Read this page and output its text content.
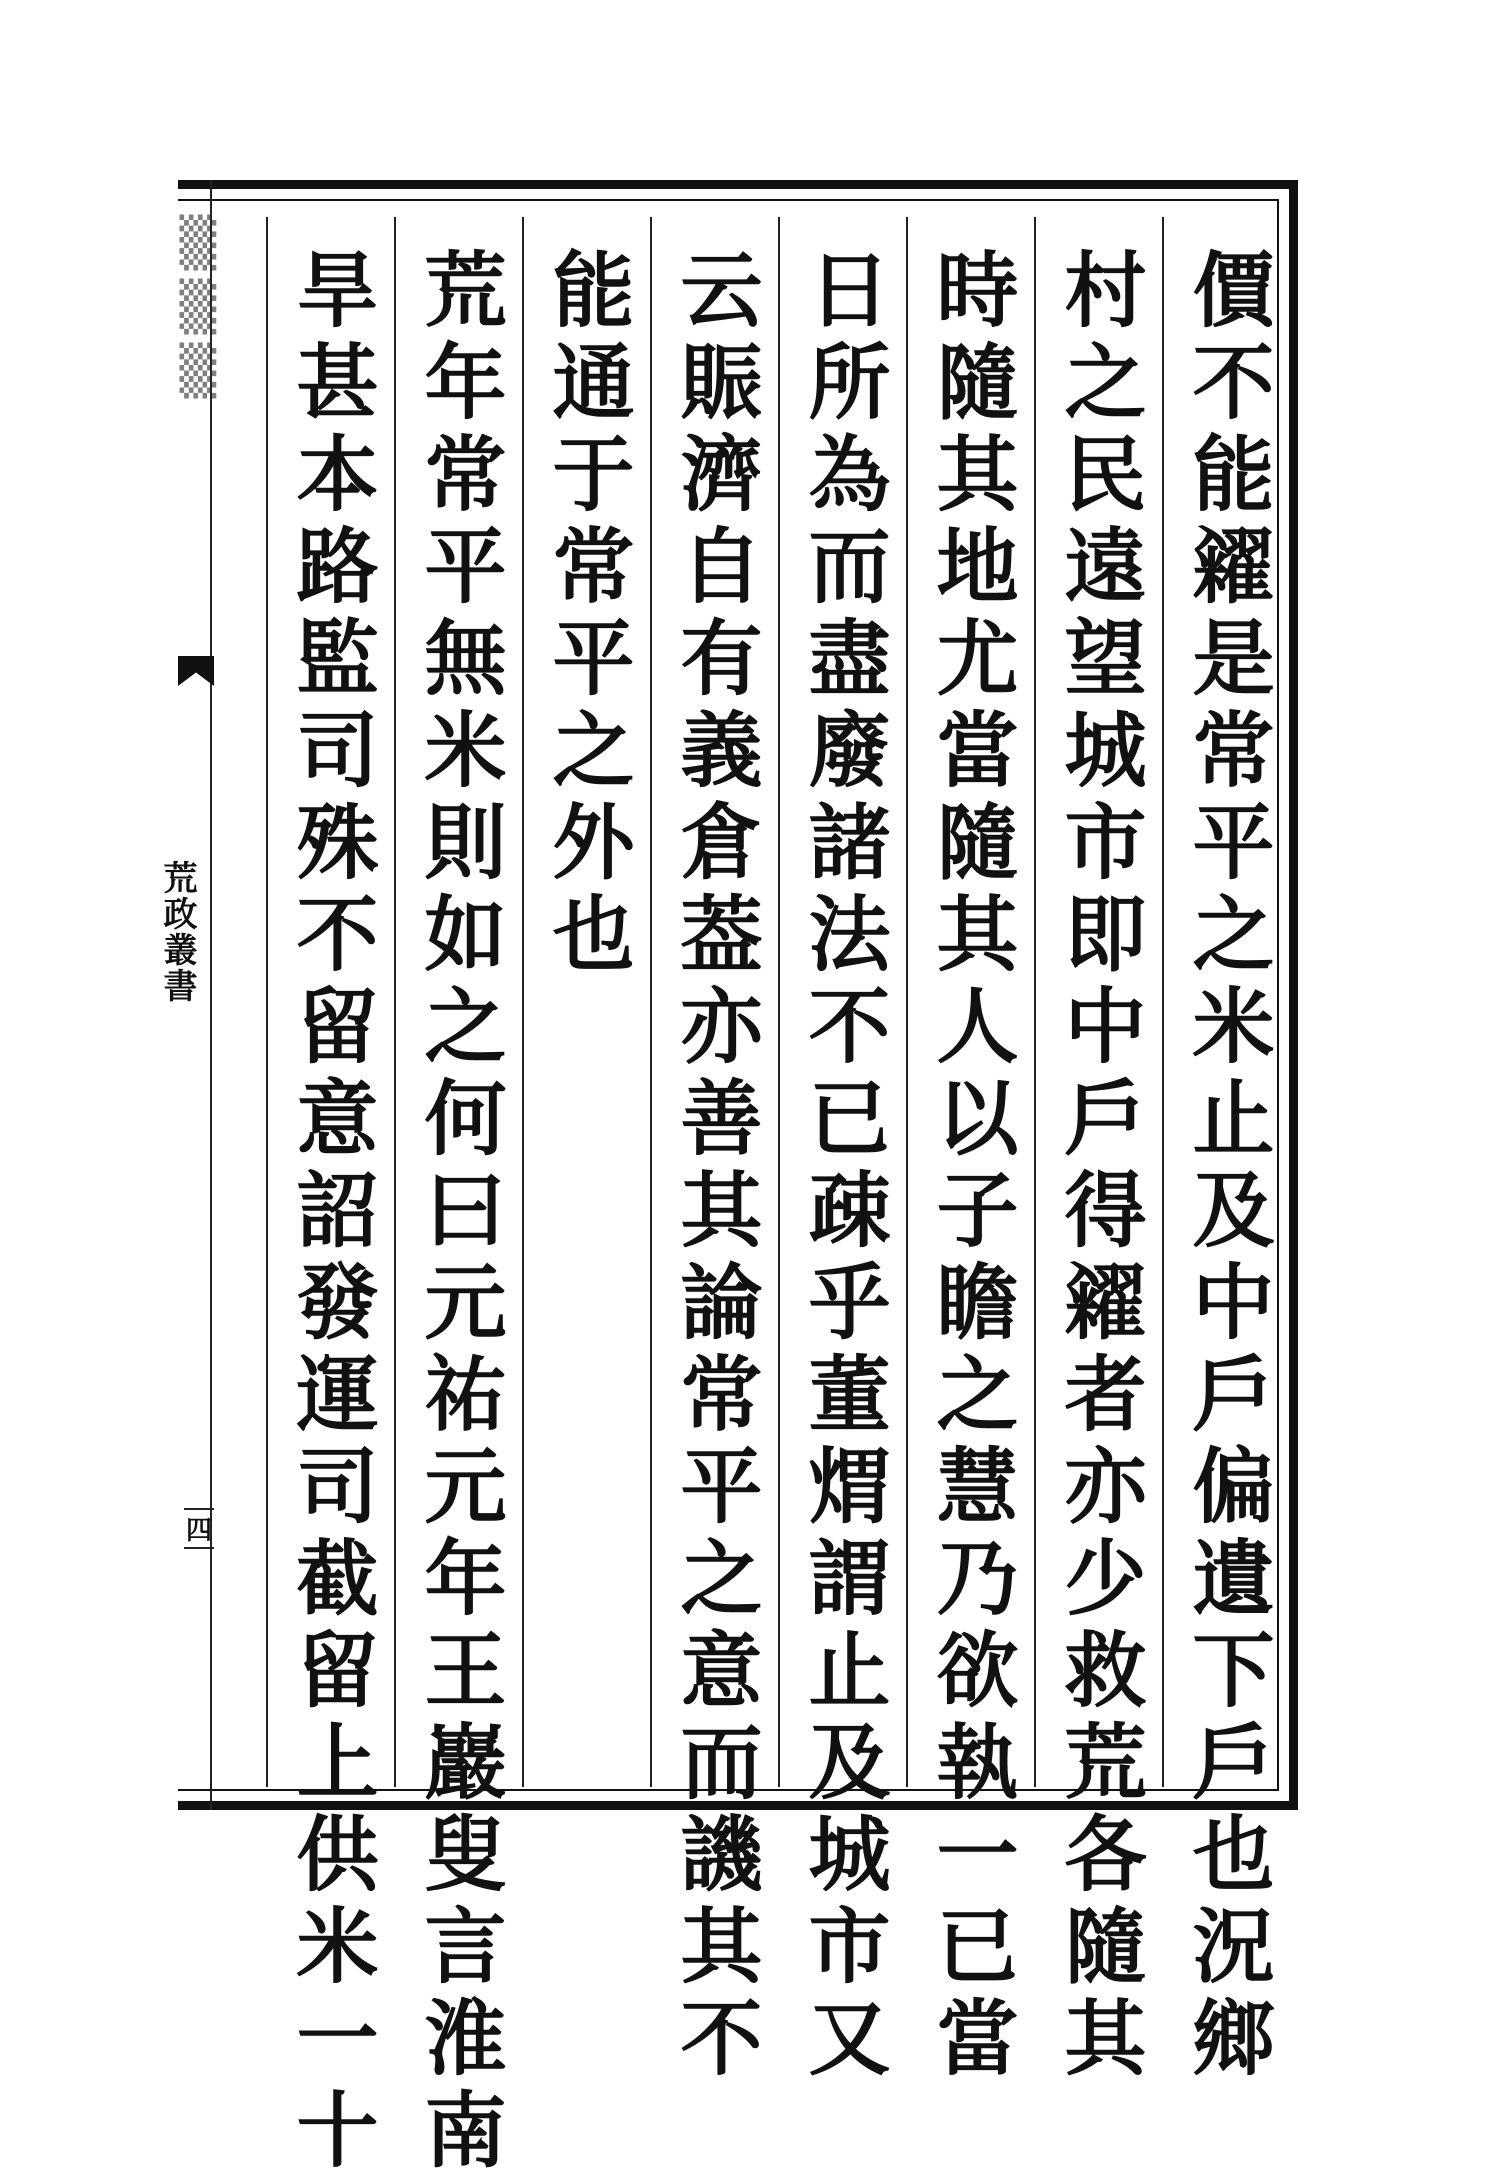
▒▒▒	價不能糴是常平之米止及中戶偏遺下戶也況鄉
村之民遠望城市即中戶得糴者亦少救荒各隨其
時隨其地尤當隨其人以子瞻之慧乃欲執一已當
日所為而盡廢諸法不已疎乎董煟謂止及城市又
云賑濟自有義倉葢亦善其論常平之意而譏其不
能通于常平之外也
荒年常平無米則如之何曰元祐元年王巖叟言淮南
旱甚本路監司殊不留意詔發運司截留上供米一十
荒政叢書
四
